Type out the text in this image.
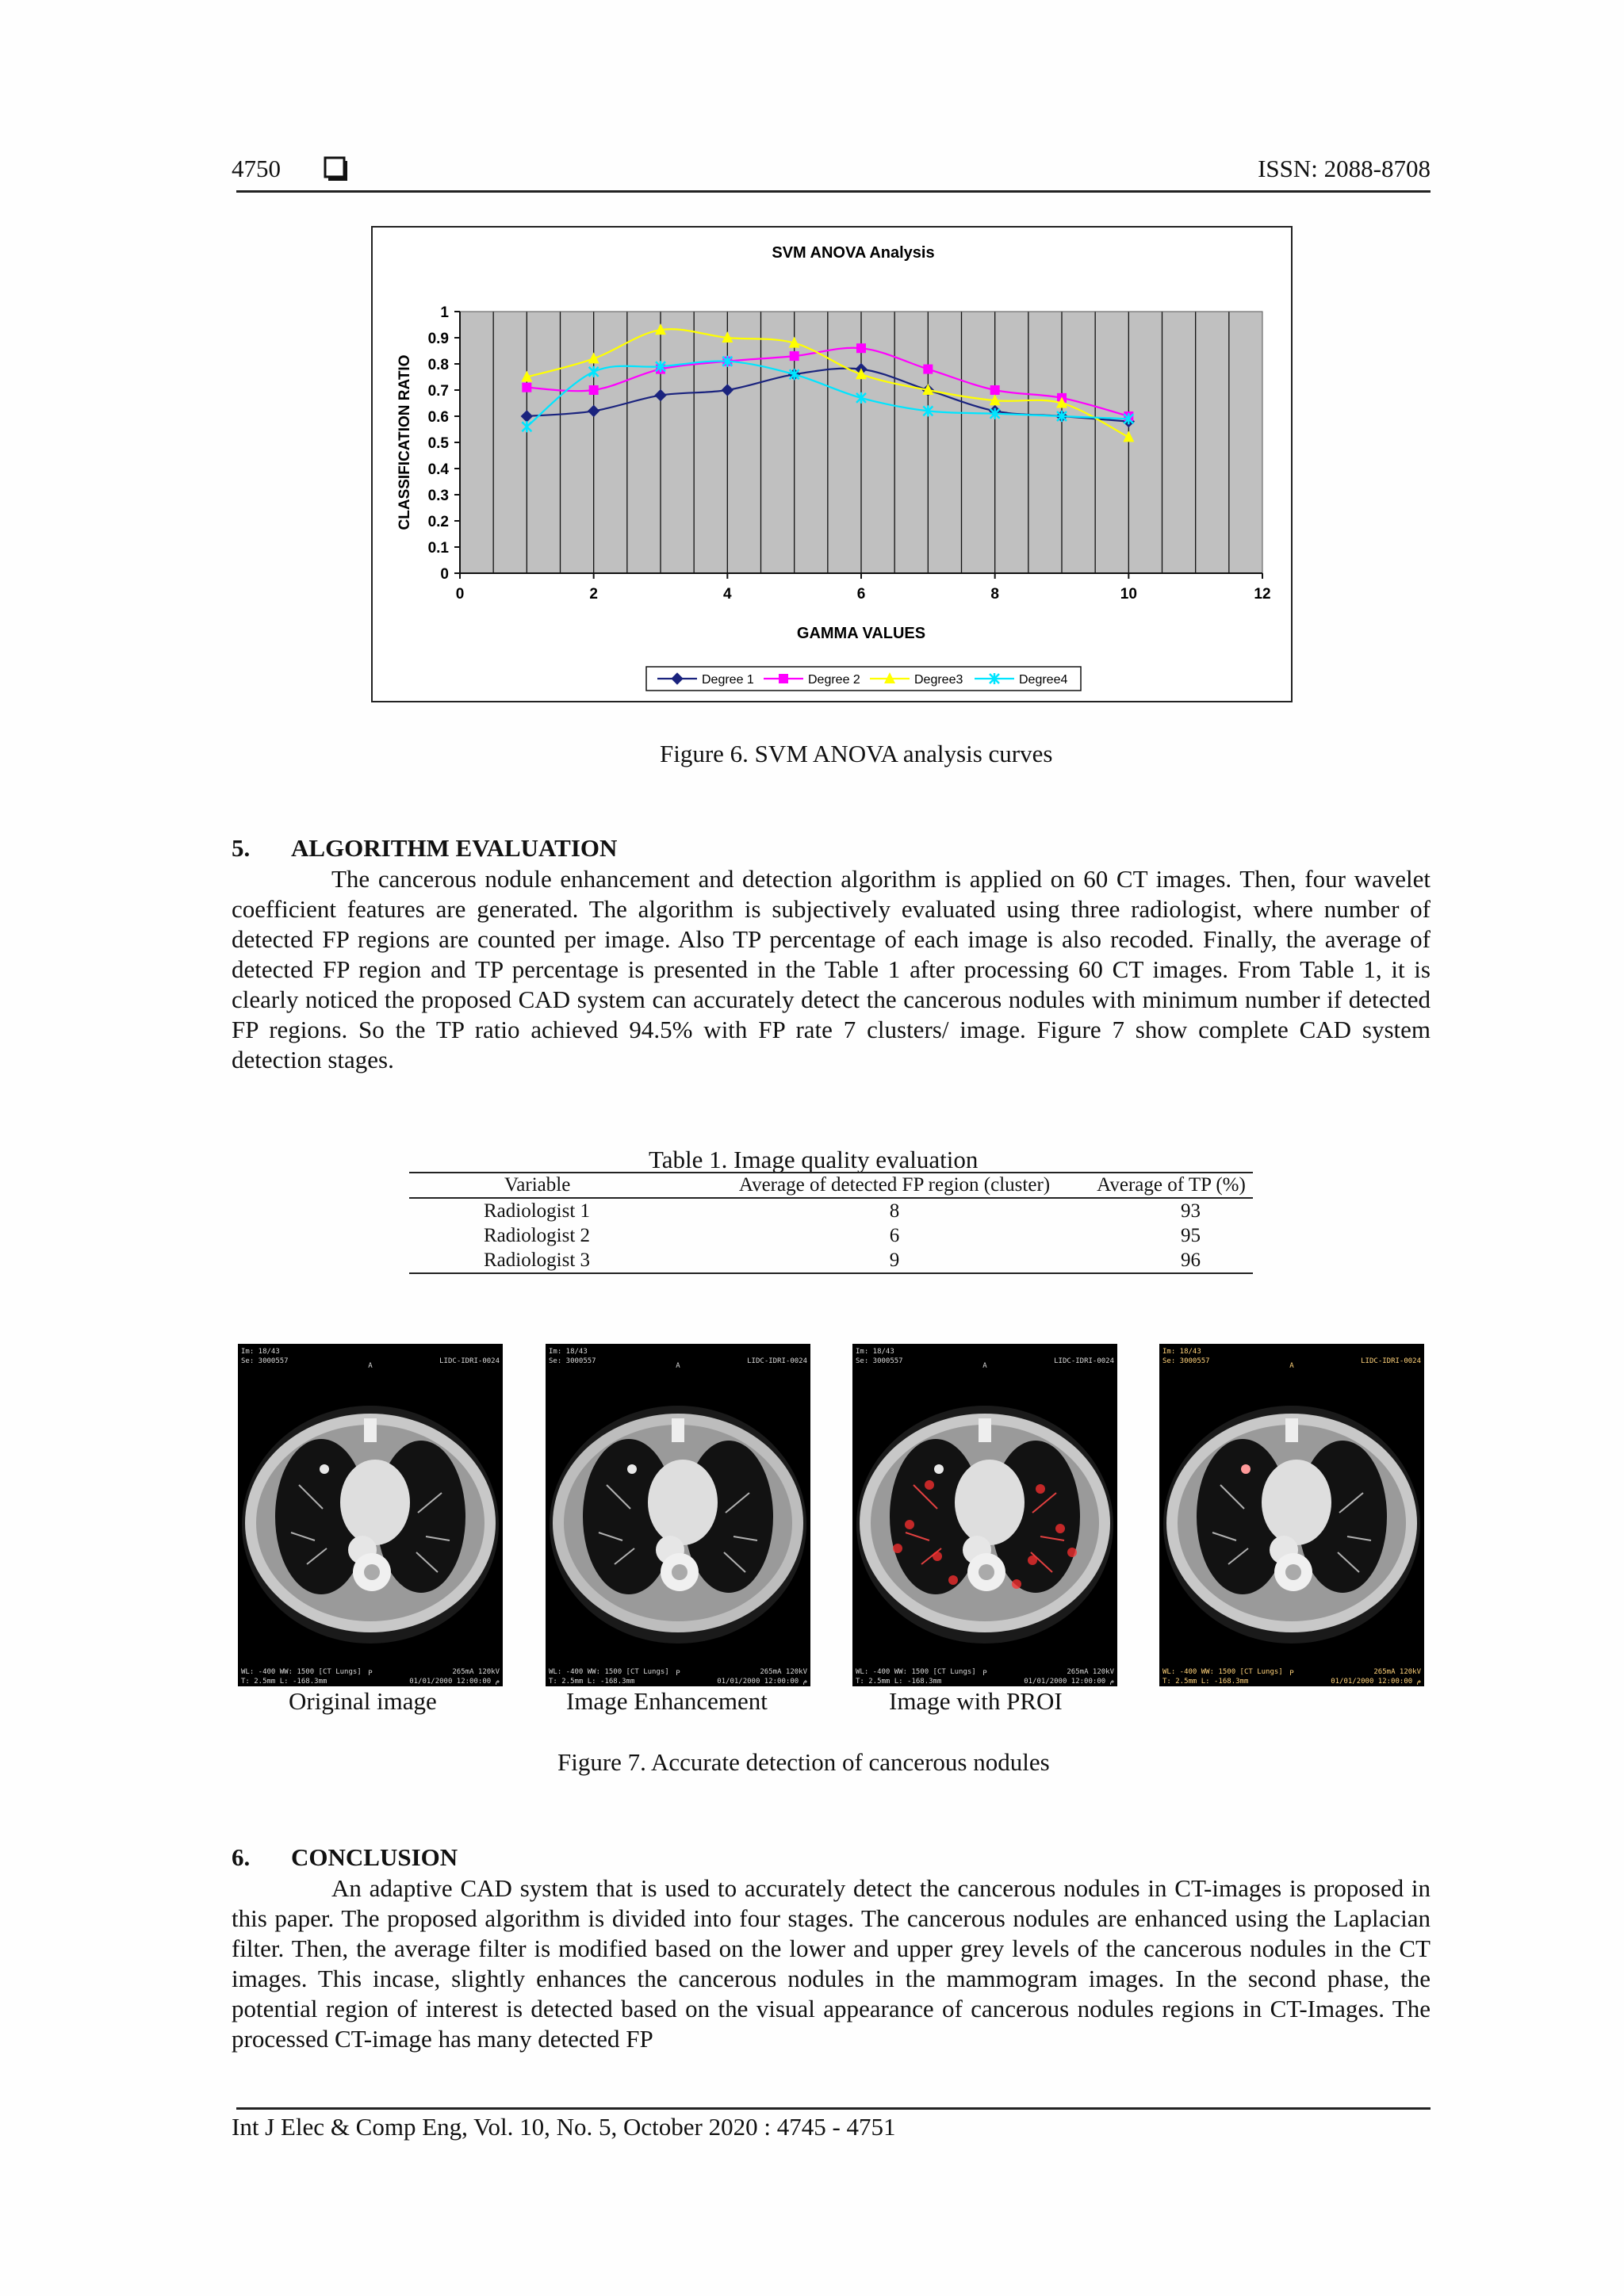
4750	ISSN: 2088-8708
SVM ANOVA Analysis
0
0.1
0.2
0.3
0.4
0.5
0.6
0.7
0.8
0.9
1
0	2	4	6	8	10	12
GAMMA VALUES
CLASSIFICATION RATIO
Degree 1	Degree 2	Degree3	Degree4
Figure 6. SVM ANOVA analysis curves
5. ALGORITHM EVALUATION

The cancerous nodule enhancement and detection algorithm is applied on 60 CT images. Then, four wavelet coefficient features are generated. The algorithm is subjectively evaluated using three radiologist, where number of detected FP regions are counted per image. Also TP percentage of each image is also recoded. Finally, the average of detected FP region and TP percentage is presented in the Table 1 after processing 60 CT images. From Table 1, it is clearly noticed the proposed CAD system can accurately detect the cancerous nodules with minimum number if detected FP regions. So the TP ratio achieved 94.5% with FP rate 7 clusters/ image. Figure 7 show complete CAD system detection stages.

Table 1. Image quality evaluation
Variable	Average of detected FP region (cluster)	Average of TP (%)
Radiologist 1	8	93
Radiologist 2	6	95
Radiologist 3	9	96
Im: 18/43
Se: 3000557	LIDC-IDRI-0024
A
P
WL: -400 WW: 1500 [CT Lungs]
T: 2.5mm L: -168.3mm
265mA 120kV
01/01/2000 12:00:00 م
Im: 18/43
Se: 3000557	LIDC-IDRI-0024
A
P
WL: -400 WW: 1500 [CT Lungs]
T: 2.5mm L: -168.3mm
265mA 120kV
01/01/2000 12:00:00 م
Im: 18/43
Se: 3000557	LIDC-IDRI-0024
A
P
WL: -400 WW: 1500 [CT Lungs]
T: 2.5mm L: -168.3mm
265mA 120kV
01/01/2000 12:00:00 م
Im: 18/43
Se: 3000557	LIDC-IDRI-0024
A
P
WL: -400 WW: 1500 [CT Lungs]
T: 2.5mm L: -168.3mm
265mA 120kV
01/01/2000 12:00:00 م
Original image	Image Enhancement	Image with PROI
Figure 7. Accurate detection of cancerous nodules
6. CONCLUSION

An adaptive CAD system that is used to accurately detect the cancerous nodules in CT-images is proposed in this paper. The proposed algorithm is divided into four stages. The cancerous nodules are enhanced using the Laplacian filter. Then, the average filter is modified based on the lower and upper grey levels of the cancerous nodules in the CT images. This incase, slightly enhances the cancerous nodules in the mammogram images. In the second phase, the potential region of interest is detected based on the visual appearance of cancerous nodules regions in CT-Images. The processed CT-image has many detected FP

Int J Elec & Comp Eng, Vol. 10, No. 5, October 2020 : 4745 - 4751
